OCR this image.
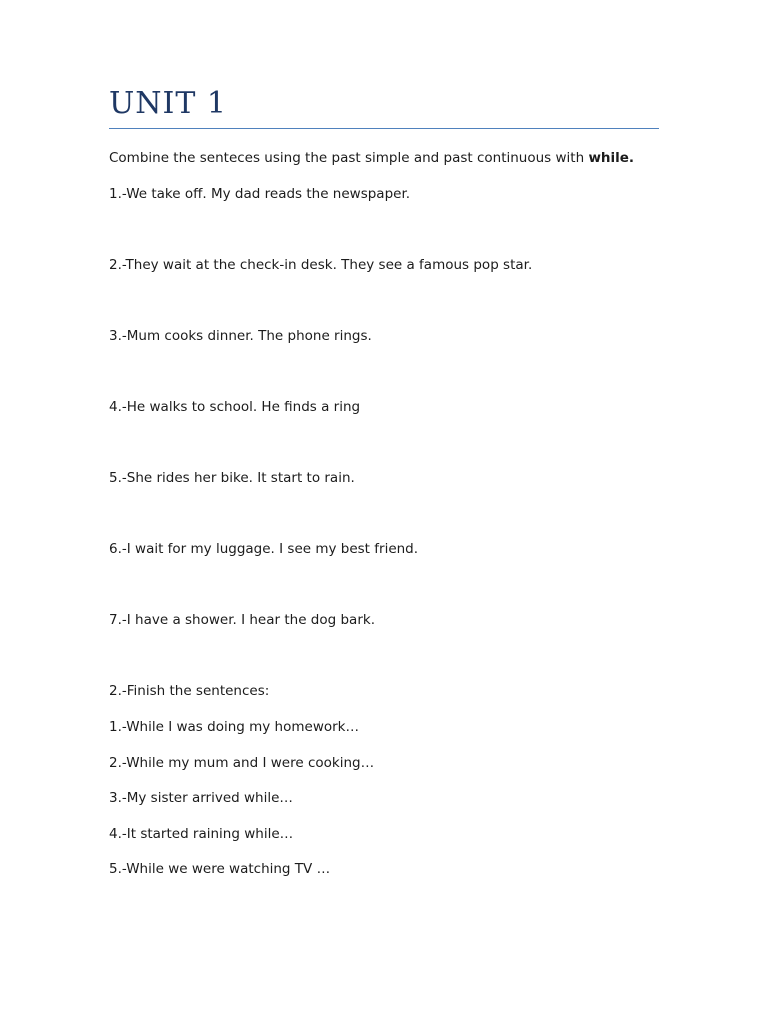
UNIT 1

Combine the senteces using the past simple and past continuous with while.

1.-We take off. My dad reads the newspaper.

2.-They wait at the check-in desk. They see a famous pop star.

3.-Mum cooks dinner. The phone rings.

4.-He walks to school. He finds a ring

5.-She rides her bike. It start to rain.

6.-I wait for my luggage. I see my best friend.

7.-I have a shower. I hear the dog bark.

2.-Finish the sentences:

1.-While I was doing my homework…

2.-While my mum and I were cooking…

3.-My sister arrived while…

4.-It started raining while…

5.-While we were watching TV …
